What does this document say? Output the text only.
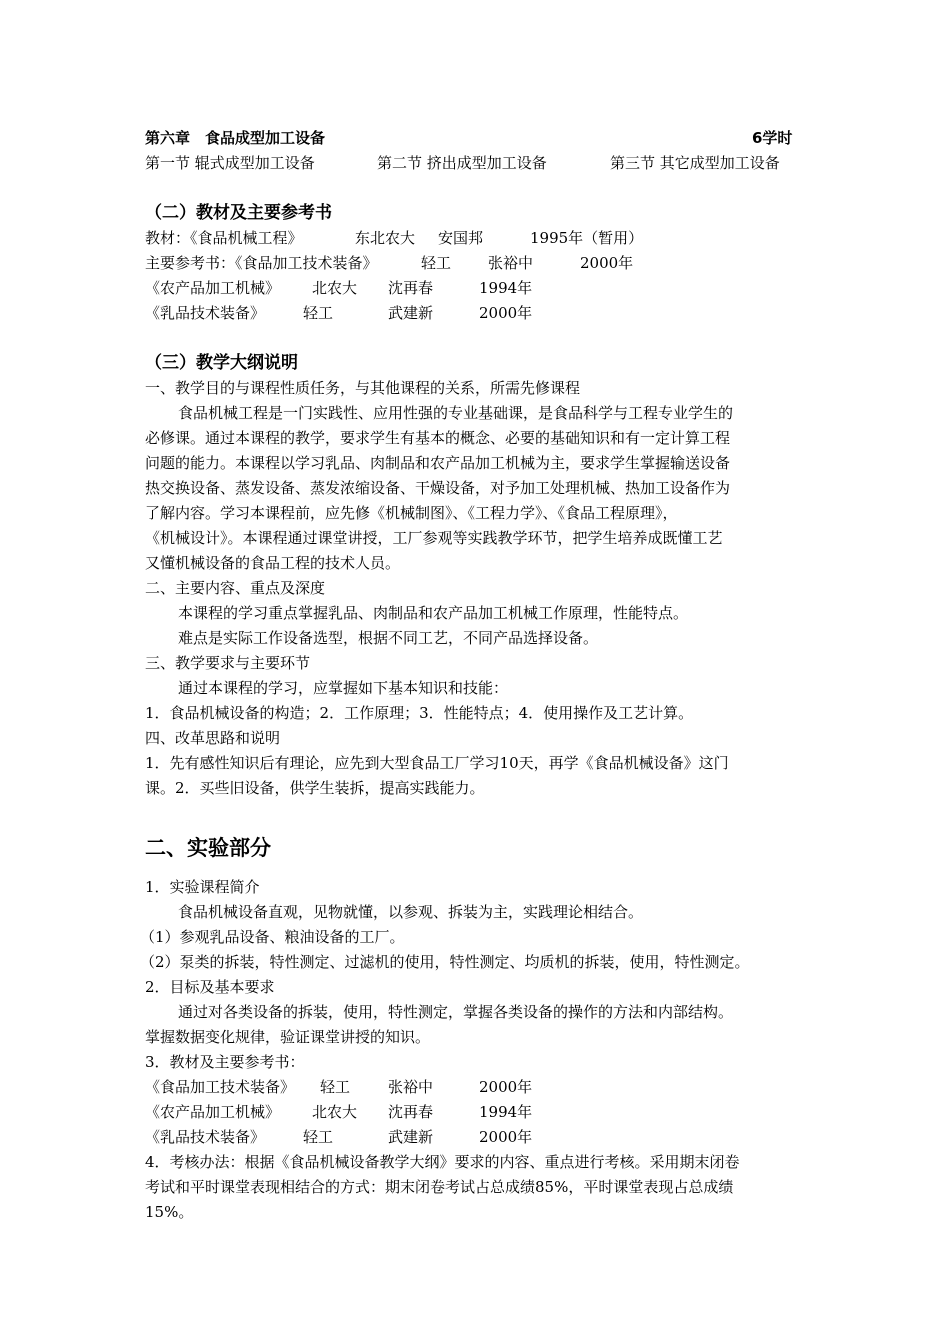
第六章　食品成型加工设备	6学时
第一节 辊式成型加工设备	第二节 挤出成型加工设备	第三节 其它成型加工设备
（二）教材及主要参考书
教材：《食品机械工程》	东北农大 安国邦	1995年（暂用）
主要参考书：《食品加工技术装备》	轻工 张裕中	2000年
《农产品加工机械》 北农大 沈再春	1994年
《乳品技术装备》	轻工	武建新	2000年
（三）教学大纲说明
一、教学目的与课程性质任务，与其他课程的关系，所需先修课程
食品机械工程是一门实践性、应用性强的专业基础课，是食品科学与工程专业学生的
必修课。通过本课程的教学，要求学生有基本的概念、必要的基础知识和有一定计算工程
问题的能力。本课程以学习乳品、肉制品和农产品加工机械为主，要求学生掌握输送设备
热交换设备、蒸发设备、蒸发浓缩设备、干燥设备，对予加工处理机械、热加工设备作为
了解内容。学习本课程前，应先修《机械制图》、《工程力学》、《食品工程原理》，
《机械设计》。本课程通过课堂讲授，工厂参观等实践教学环节，把学生培养成既懂工艺
又懂机械设备的食品工程的技术人员。
二、主要内容、重点及深度
本课程的学习重点掌握乳品、肉制品和农产品加工机械工作原理，性能特点。
难点是实际工作设备选型，根据不同工艺，不同产品选择设备。
三、教学要求与主要环节
通过本课程的学习，应掌握如下基本知识和技能：
1．食品机械设备的构造；2．工作原理；3．性能特点；4．使用操作及工艺计算。
四、改革思路和说明
1．先有感性知识后有理论，应先到大型食品工厂学习10天，再学《食品机械设备》这门
课。2．买些旧设备，供学生装拆，提高实践能力。
二、实验部分
1．实验课程简介
食品机械设备直观，见物就懂，以参观、拆装为主，实践理论相结合。
（1）参观乳品设备、粮油设备的工厂。
（2）泵类的拆装，特性测定、过滤机的使用，特性测定、均质机的拆装，使用，特性测定。
2．目标及基本要求
通过对各类设备的拆装，使用，特性测定，掌握各类设备的操作的方法和内部结构。
掌握数据变化规律，验证课堂讲授的知识。
3．教材及主要参考书：
《食品加工技术装备》 轻工	张裕中	2000年
《农产品加工机械》 北农大 沈再春	1994年
《乳品技术装备》	轻工	武建新	2000年
4．考核办法：根据《食品机械设备教学大纲》要求的内容、重点进行考核。采用期末闭卷
考试和平时课堂表现相结合的方式：期末闭卷考试占总成绩85%，平时课堂表现占总成绩
15%。
